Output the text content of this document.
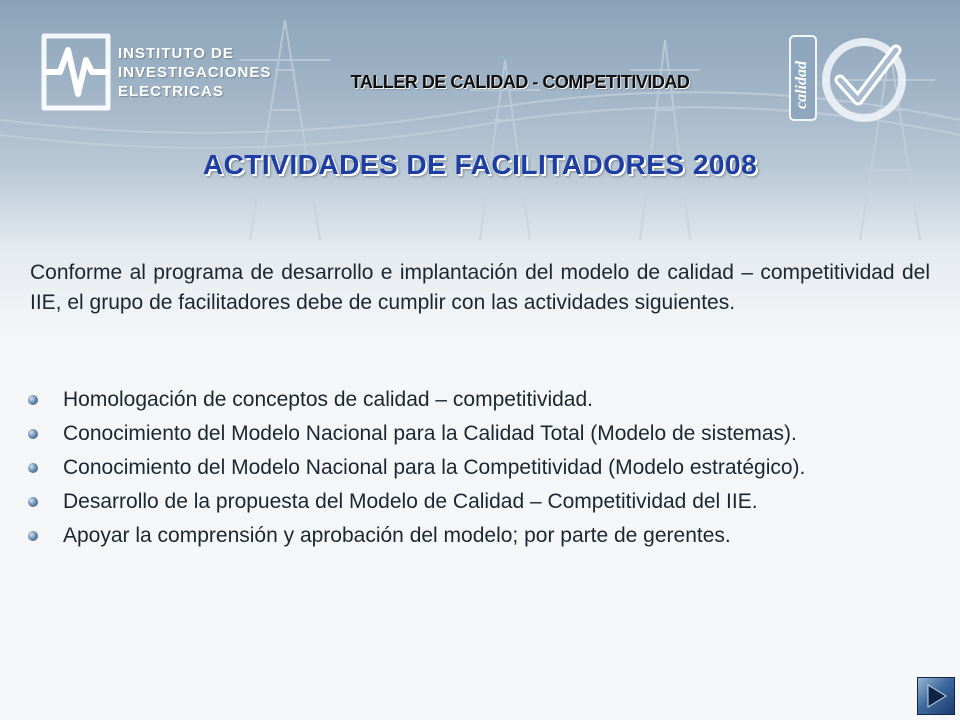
INSTITUTO DE
INVESTIGACIONES
ELECTRICAS	TALLER DE CALIDAD - COMPETITIVIDAD
ACTIVIDADES DE FACILITADORES 2008
calidad

Conforme al programa de desarrollo e implantación del modelo de calidad – competitividad del IIE, el grupo de facilitadores debe de cumplir con las actividades siguientes.

Homologación de conceptos de calidad – competitividad.
Conocimiento del Modelo Nacional para la Calidad Total (Modelo de sistemas).
Conocimiento del Modelo Nacional para la Competitividad (Modelo estratégico).
Desarrollo de la propuesta del Modelo de Calidad – Competitividad del IIE.
Apoyar la comprensión y aprobación del modelo; por parte de gerentes.
